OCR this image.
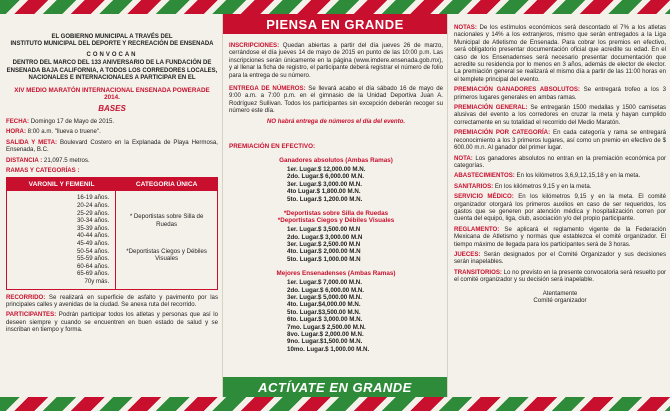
EL GOBIERNO MUNICIPAL A TRAVÉS DEL
INSTITUTO MUNICIPAL DEL DEPORTE Y RECREACIÓN DE ENSENADA
CONVOCAN
DENTRO DEL MARCO DEL 133 ANIVERSARIO DE LA FUNDACIÓN DE
ENSENADA BAJA CALIFORNIA, A TODOS LOS CORREDORES LOCALES,
NACIONALES E INTERNACIONALES A PARTICIPAR EN EL
XIV MEDIO MARATÓN INTERNACIONAL ENSENADA POWERADE 2014.
BASES
FECHA: Domingo 17 de Mayo de 2015.
HORA: 8:00 a.m. "llueva o truene".
SALIDA Y META: Boulevard Costero en la Explanada de Playa Hermosa, Ensenada, B.C.
DISTANCIA : 21,097.5 metros.
RAMAS Y CATEGORÍAS :
VARONIL Y FEMENIL	CATEGORIA ÚNICA
16-19 años.
20-24 años.
25-29 años.
30-34 años.
35-39 años.
40-44 años.
45-49 años.
50-54 años.
55-59 años.
60-64 años.
65-69 años.
70y más.
* Deportistas sobre Silla de Ruedas
*Deportistas Ciegos y Débiles Visuales
RECORRIDO: Se realizará en superficie de asfalto y pavimento por las principales calles y avenidas de la ciudad. Se anexa ruta del recorrido.
PARTICIPANTES: Podrán participar todos los atletas y personas que así lo deseen siempre y cuando se encuentren en buen estado de salud y se inscriban en tiempo y forma.
PIENSA EN GRANDE
INSCRIPCIONES: Quedan abiertas a partir del día jueves 26 de marzo, cerrándose el día jueves 14 de mayo de 2015 en punto de las 10:00 p.m. Las inscripciones serán únicamente en la página (www.imdere.ensenada.gob.mx), y al llenar la ficha de registro, el participante deberá registrar el número de folio para la entrega de su número.
ENTREGA DE NÚMEROS: Se llevará acabo el día sábado 16 de mayo de 9:00 a.m. a 7:00 p.m. en el gimnasio de la Unidad Deportiva Juan A. Rodríguez Sullivan. Todos los participantes sin excepción deberán recoger su número este día.
NO habrá entrega de números el día del evento.
PREMIACIÓN EN EFECTIVO:
Ganadores absolutos (Ambas Ramas)
1er. Lugar.$ 12,000.00 M.N.
2do. Lugar.$ 6,000.00 M.N.
3er. Lugar.$ 3,000.00 M.N.
4to Lugar.$ 1,800.00 M.N.
5to. Lugar.$ 1,200.00 M.N.
*Deportistas sobre Silla de Ruedas
*Deportistas Ciegos y Débiles Visuales
1er. Lugar.$ 3,500.00 M.N
2do. Lugar.$ 3,000.00 M.N
3er. Lugar.$ 2,500.00 M.N
4to. Lugar.$ 2,000.00 M.N
5to. Lugar.$ 1,000.00 M.N
Mejores Ensenadenses (Ambas Ramas)
1er. Lugar.$ 7,000.00 M.N.
2do. Lugar.$ 6,000.00 M.N.
3er. Lugar.$ 5,000.00 M.N.
4to. Lugar.$4,000.00 M.N.
5to. Lugar.$3,500.00 M.N.
6to. Lugar.$ 3,000.00 M.N.
7mo. Lugar.$ 2,500.00 M.N.
8vo. Lugar.$ 2,000.00 M.N.
9no. Lugar.$1,500.00 M.N.
10mo. Lugar.$ 1,000.00 M.N.
ACTÍVATE EN GRANDE
NOTAS: De los estímulos económicos será descontado el 7% a los atletas nacionales y 14% a los extranjeros, mismo que serán entregados a la Liga Municipal de Atletismo de Ensenada. Para cobrar los premios en efectivo, será obligatorio presentar documentación oficial que acredite su edad. En el caso de los Ensenadenses será necesario presentar documentación que acredite su residencia por lo menos en 3 años, además de elector de elector. La premiación general se realizará el mismo día a partir de las 11:00 horas en el templete principal del evento.
PREMIACIÓN GANADORES ABSOLUTOS: Se entregará trofeo a los 3 primeros lugares generales en ambas ramas.
PREMIACIÓN GENERAL: Se entregarán 1500 medallas y 1500 camisetas alusivas del evento a los corredores en cruzar la meta y hayan cumplido correctamente en su totalidad el recorrido del Medio Maratón.
PREMIACIÓN POR CATEGORÍA: En cada categoría y rama se entregará reconocimiento a los 3 primeros lugares, así como un premio en efectivo de $ 600.00 m.n. Al ganador del primer lugar.
NOTA: Los ganadores absolutos no entran en la premiación económica por categorías.
ABASTECIMIENTOS: En los kilómetros 3,6,9,12,15,18 y en la meta.
SANITARIOS: En los kilómetros 9,15 y en la meta.
SERVICIO MÉDICO: En los kilómetros 9,15 y en la meta. El comité organizador otorgará los primeros auxilios en caso de ser requeridos, los gastos que se generen por atención médica y hospitalización corren por cuenta del equipo, liga, club, asociación y/o del propio participante.
REGLAMENTO: Se aplicará el reglamento vigente de la Federación Mexicana de Atletismo y normas que establezca el comité organizador. El tiempo máximo de llegada para los participantes será de 3 horas.
JUECES: Serán designados por el Comité Organizador y sus decisiones serán inapelables.
TRANSITORIOS: Lo no previsto en la presente convocatoria será resuelto por el comité organizador y su decisión será inapelable.
Atentamente
Comité organizador
